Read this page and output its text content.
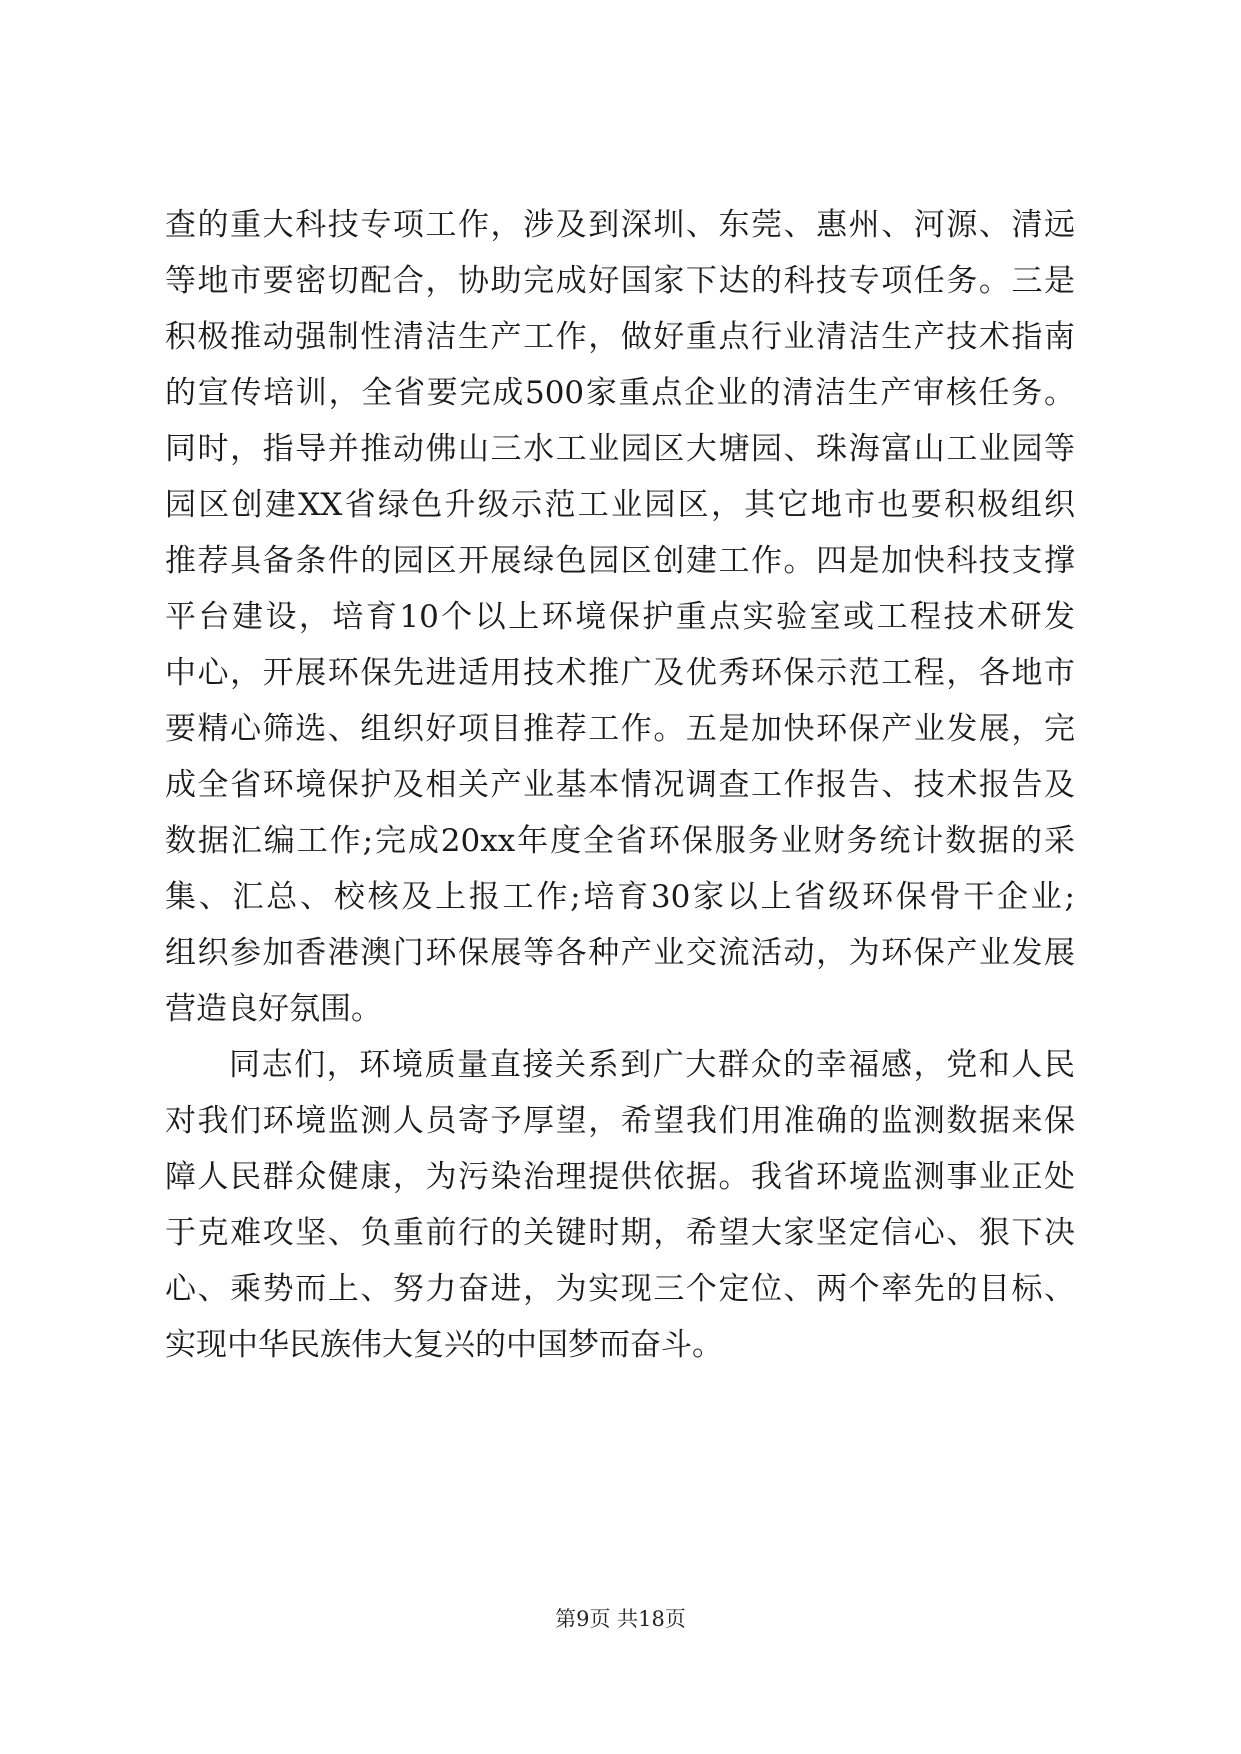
查的重大科技专项工作，涉及到深圳、东莞、惠州、河源、清远
等地市要密切配合，协助完成好国家下达的科技专项任务。三是
积极推动强制性清洁生产工作，做好重点行业清洁生产技术指南
的宣传培训，全省要完成500家重点企业的清洁生产审核任务。
同时，指导并推动佛山三水工业园区大塘园、珠海富山工业园等
园区创建XX省绿色升级示范工业园区，其它地市也要积极组织
推荐具备条件的园区开展绿色园区创建工作。四是加快科技支撑
平台建设，培育10个以上环境保护重点实验室或工程技术研发
中心，开展环保先进适用技术推广及优秀环保示范工程，各地市
要精心筛选、组织好项目推荐工作。五是加快环保产业发展，完
成全省环境保护及相关产业基本情况调查工作报告、技术报告及
数据汇编工作;完成20xx年度全省环保服务业财务统计数据的采
集、汇总、校核及上报工作;培育30家以上省级环保骨干企业;
组织参加香港澳门环保展等各种产业交流活动，为环保产业发展
营造良好氛围。
同志们，环境质量直接关系到广大群众的幸福感，党和人民
对我们环境监测人员寄予厚望，希望我们用准确的监测数据来保
障人民群众健康，为污染治理提供依据。我省环境监测事业正处
于克难攻坚、负重前行的关键时期，希望大家坚定信心、狠下决
心、乘势而上、努力奋进，为实现三个定位、两个率先的目标、
实现中华民族伟大复兴的中国梦而奋斗。
第9页 共18页
